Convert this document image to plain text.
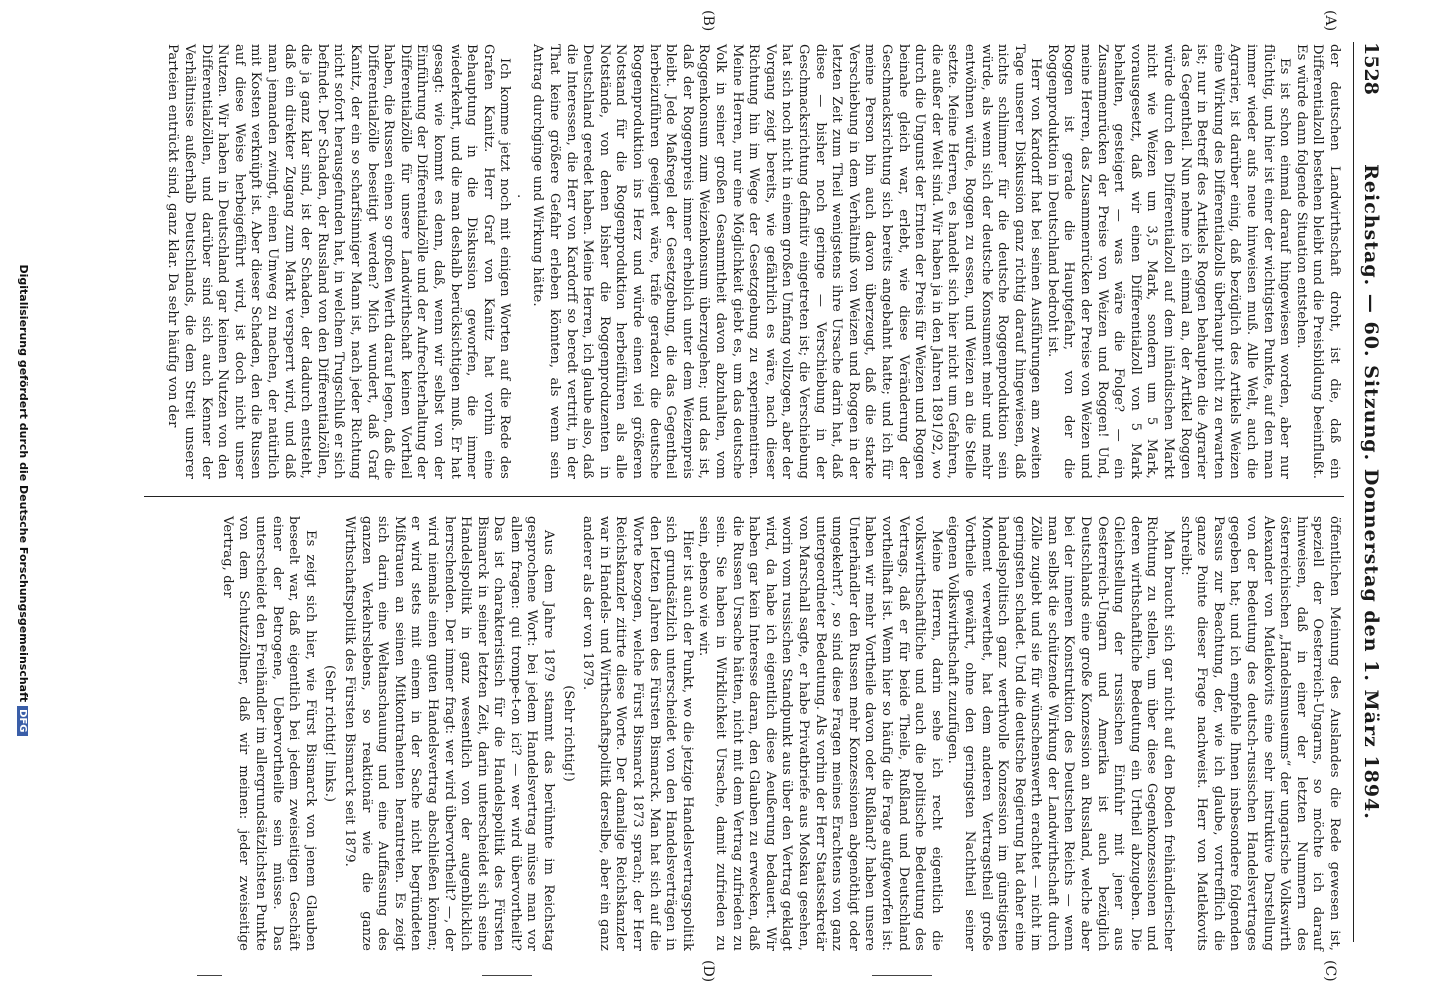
1528
Reichstag. — 60. Sitzung. Donnerstag den 1. März 1894.
(A)
(B)
(C)
(D)

der deutschen Landwirthschaft droht, ist die, daß ein Differentialzoll bestehen bleibt und die Preisbildung beeinflußt. Es würde dann folgende Situation entstehen.

Es ist schon einmal darauf hingewiesen worden, aber nur flüchtig, und hier ist einer der wichtigsten Punkte, auf den man immer wieder aufs neue hinweisen muß. Alle Welt, auch die Agrarier, ist darüber einig, daß bezüglich des Artikels Weizen eine Wirkung des Differentialzolls überhaupt nicht zu erwarten ist; nur in Betreff des Artikels Roggen behaupten die Agrarier das Gegentheil. Nun nehme ich einmal an, der Artikel Roggen würde durch den Differentialzoll auf dem inländischen Markt nicht wie Weizen um 3,5 Mark, sondern um 5 Mark, vorausgesetzt, daß wir einen Differentialzoll von 5 Mark behalten, gesteigert — was wäre die Folge? — ein Zusammenrücken der Preise von Weizen und Roggen! Und, meine Herren, das Zusammenrücken der Preise von Weizen und Roggen ist gerade die Hauptgefahr, von der die Roggenproduktion in Deutschland bedroht ist.

Herr von Kardorff hat bei seinen Ausführungen am zweiten Tage unserer Diskussion ganz richtig darauf hingewiesen, daß nichts schlimmer für die deutsche Roggenproduktion sein würde, als wenn sich der deutsche Konsument mehr und mehr entwöhnen würde, Roggen zu essen, und Weizen an die Stelle setzte. Meine Herren, es handelt sich hier nicht um Gefahren, die außer der Welt sind. Wir haben ja in den Jahren 1891/92, wo durch die Ungunst der Ernten der Preis für Weizen und Roggen beinahe gleich war, erlebt, wie diese Veränderung der Geschmacksrichtung sich bereits angebahnt hatte; und ich für meine Person bin auch davon überzeugt, daß die starke Verschiebung in dem Verhältniß von Weizen und Roggen in der letzten Zeit zum Theil wenigstens ihre Ursache darin hat, daß diese — bisher noch geringe — Verschiebung in der Geschmacksrichtung definitiv eingetreten ist; die Verschiebung hat sich noch nicht in einem großen Umfang vollzogen, aber der Vorgang zeigt bereits, wie gefährlich es wäre, nach dieser Richtung hin im Wege der Gesetzgebung zu experimentiren. Meine Herren, nur eine Möglichkeit giebt es, um das deutsche Volk in seiner großen Gesammtheit davon abzuhalten, vom Roggenkonsum zum Weizenkonsum überzugehen; und das ist, daß der Roggenpreis immer erheblich unter dem Weizenpreis bleibt. Jede Maßregel der Gesetzgebung, die das Gegentheil herbeizuführen geeignet wäre, träfe geradezu die deutsche Roggenproduktion ins Herz und würde einen viel größeren Notstand für die Roggenproduktion herbeiführen als alle Notstände, von denen bisher die Roggenproduzenten in Deutschland geredet haben. Meine Herren, ich glaube also, daß die Interessen, die Herr von Kardorff so beredt vertritt, in der That keine größere Gefahr erleben könnten, als wenn sein Antrag durchginge und Wirkung hätte.

.

Ich komme jetzt noch mit einigen Worten auf die Rede des Grafen Kanitz. Herr Graf von Kanitz hat vorhin eine Behauptung in die Diskussion geworfen, die immer wiederkehrt, und die man deshalb berücksichtigen muß. Er hat gesagt: wie kommt es denn, daß, wenn wir selbst von der Einführung der Differentialzölle und der Aufrechterhaltung der Differentialzölle für unsere Landwirthschaft keinen Vortheil haben, die Russen einen so großen Werth darauf legen, daß die Differentialzölle beseitigt werden? Mich wundert, daß Graf Kanitz, der ein so scharfsinniger Mann ist, nach jeder Richtung nicht sofort herausgefunden hat, in welchem Trugschluß er sich befindet. Der Schaden, der Russland von den Differentialzöllen, die ja ganz klar sind, ist der Schaden, der dadurch entsteht, daß ein direkter Zugang zum Markt versperrt wird, und daß man jemanden zwingt, einen Umweg zu machen, der natürlich mit Kosten verknüpft ist. Aber dieser Schaden, den die Russen auf diese Weise herbeigeführt wird, ist doch nicht unser Nutzen. Wir haben in Deutschland gar keinen Nutzen von den Differentialzöllen, und darüber sind sich auch Kenner der Verhältnisse außerhalb Deutschlands, die dem Streit unserer Parteien entrückt sind, ganz klar. Da sehr häufig von der

öffentlichen Meinung des Auslandes die Rede gewesen ist, speziell der Oesterreich-Ungarns, so möchte ich darauf hinweisen, daß in einer der letzten Nummern des österreichischen „Handelsmuseums“ der ungarische Volkswirth Alexander von Matlekovits eine sehr instruktive Darstellung von der Bedeutung des deutsch-russischen Handelsvertrages gegeben hat; und ich empfehle Ihnen insbesondere folgenden Passus zur Beachtung, der, wie ich glaube, vortrefflich die ganze Pointe dieser Frage nachweist. Herr von Matlekovits schreibt:

Man braucht sich gar nicht auf den Boden freihändlerischer Richtung zu stellen, um über diese Gegenkonzessionen und deren wirthschaftliche Bedeutung ein Urtheil abzugeben. Die Gleichstellung der russischen Einfuhr mit jener aus Oesterreich-Ungarn und Amerika ist auch bezüglich Deutschlands eine große Konzession an Russland, welche aber bei der inneren Konstruktion des Deutschen Reichs — wenn man selbst die schützende Wirkung der Landwirthschaft durch Zölle zugiebt und sie für wünschenswerth erachtet — nicht im geringsten schadet. Und die deutsche Regierung hat daher eine handelspolitisch ganz werthvolle Konzession im günstigsten Moment verwerthet, hat dem anderen Vertragstheil große Vortheile gewährt, ohne den geringsten Nachtheil seiner eigenen Volkswirthschaft zuzufügen.

Meine Herren, darin sehe ich recht eigentlich die volkswirthschaftliche und auch die politische Bedeutung des Vertrags, daß er für beide Theile, Rußland und Deutschland vortheilhaft ist. Wenn hier so häufig die Frage aufgeworfen ist: haben wir mehr Vortheile davon oder Rußland? haben unsere Unterhändler den Russen mehr Konzessionen abgenöthigt oder umgekehrt? , so sind diese Fragen meines Erachtens von ganz untergeordneter Bedeutung. Als vorhin der Herr Staatssekretär von Marschall sagte, er habe Privatbriefe aus Moskau gesehen, worin vom russischen Standpunkt aus über den Vertrag geklagt wird, da habe ich eigentlich diese Aeußerung bedauert. Wir haben gar kein Interesse daran, den Glauben zu erwecken, daß die Russen Ursache hätten, nicht mit dem Vertrag zufrieden zu sein. Sie haben in Wirklichkeit Ursache, damit zufrieden zu sein, ebenso wie wir.

Hier ist auch der Punkt, wo die jetzige Handelsvertragspolitik sich grundsätzlich unterscheidet von den Handelsverträgen in den letzten Jahren des Fürsten Bismarck. Man hat sich auf die Worte bezogen, welche Fürst Bismarck 1873 sprach; der Herr Reichskanzler zitirte diese Worte. Der damalige Reichskanzler war in Handels- und Wirthschaftspolitik derselbe, aber ein ganz anderer als der von 1879.

(Sehr richtig!)

Aus dem Jahre 1879 stammt das berühmte im Reichstag gesprochene Wort: bei jedem Handelsvertrag müsse man vor allem fragen: qui trompe-t-on ici? — wer wird übervortheilt? Das ist charakteristisch für die Handelspolitik des Fürsten Bismarck in seiner letzten Zeit, darin unterscheidet sich seine Handelspolitik in ganz wesentlich von der augenblicklich herrschenden. Der immer fragt: wer wird übervortheilt? —, der wird niemals einen guten Handelsvertrag abschließen können; er wird stets mit einem in der Sache nicht begründeten Mißtrauen an seinen Mitkontrahenten herantreten. Es zeigt sich darin eine Weltanschauung und eine Auffassung des ganzen Verkehrslebens, so reaktionär wie die ganze Wirthschaftspolitik des Fürsten Bismarck seit 1879.

(Sehr richtig! links.)

Es zeigt sich hier, wie Fürst Bismarck von jenem Glauben beseelt war, daß eigentlich bei jedem zweiseitigen Geschäft einer der Betrogene, Uebervortheilte sein müsse. Das unterscheidet den Freihändler im allergrundsätzlichsten Punkte von dem Schutzzöllner, daß wir meinen: jeder zweiseitige Vertrag, der

Digitalisierung gefördert durch die Deutsche ForschungsgemeinschaftDFG
